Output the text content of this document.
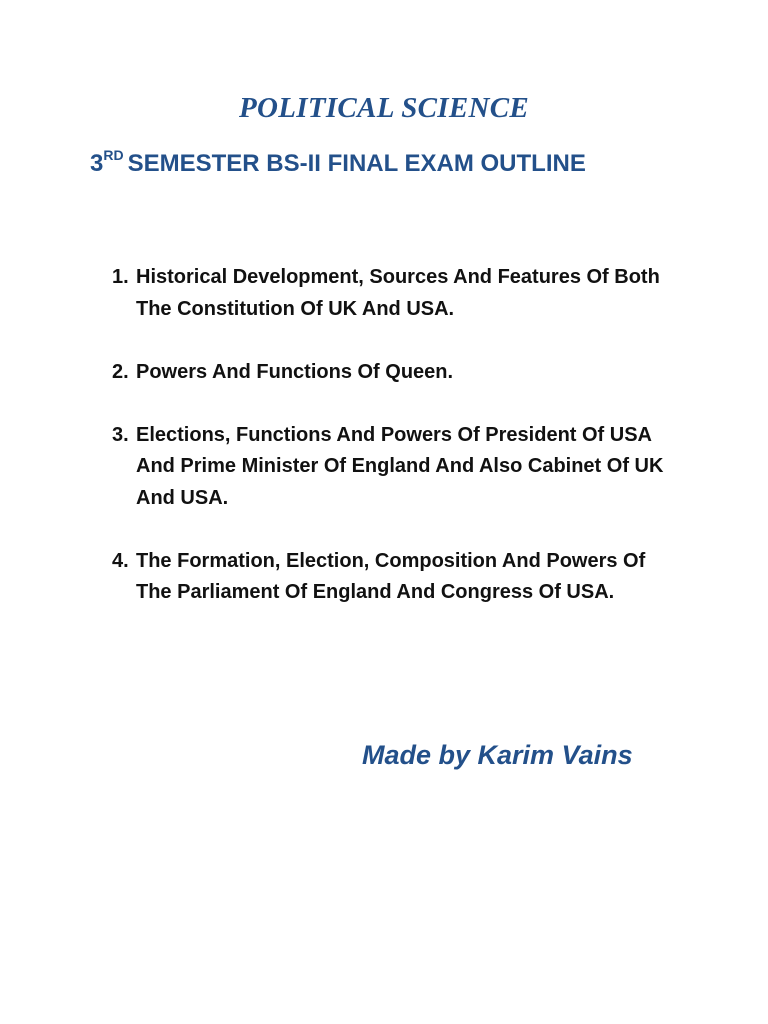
POLITICAL SCIENCE
3RD SEMESTER BS-II FINAL EXAM OUTLINE
1. Historical Development, Sources And Features Of Both The Constitution Of UK And USA.
2. Powers And Functions Of Queen.
3. Elections, Functions And Powers Of President Of USA And Prime Minister Of England And Also Cabinet Of UK And USA.
4. The Formation, Election, Composition And Powers Of The Parliament Of England And Congress Of USA.
Made by Karim Vains
